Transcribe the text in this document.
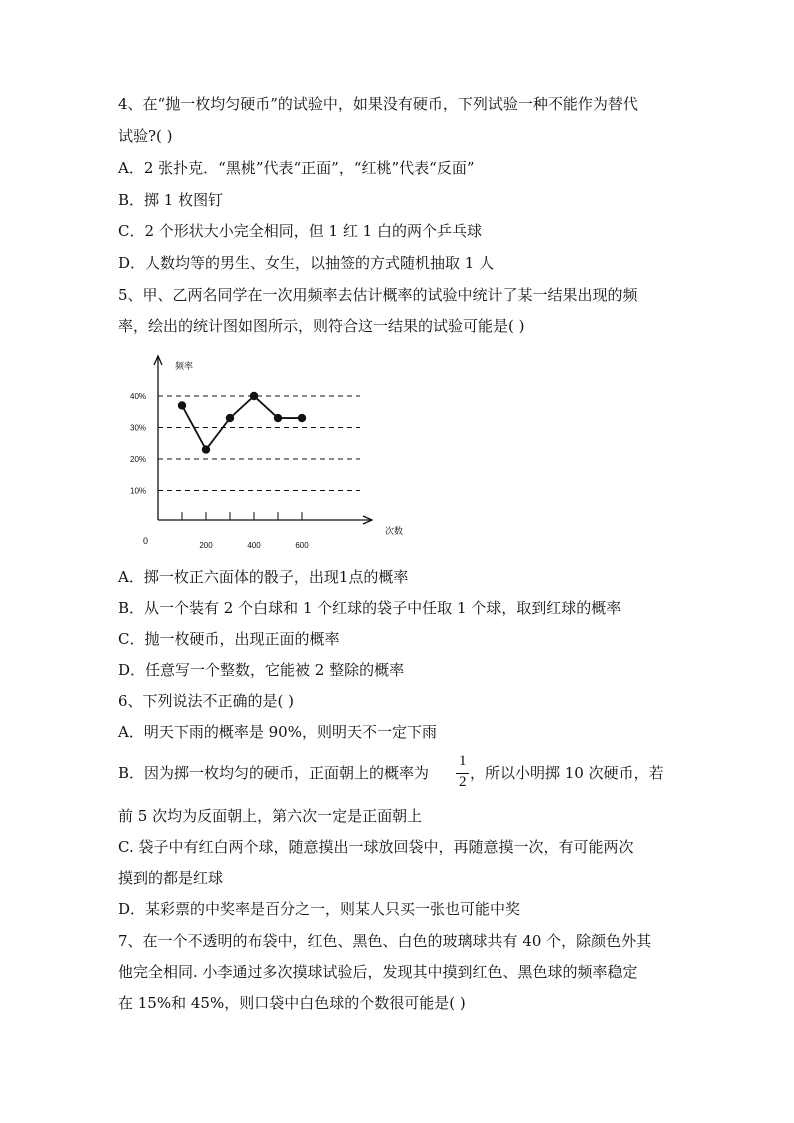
4、在“抛一枚均匀硬币”的试验中，如果没有硬币，下列试验一种不能作为替代
试验?( )
A．2 张扑克．“黑桃”代表“正面”，“红桃”代表“反面”
B．掷 1 枚图钉
C．2 个形状大小完全相同，但 1 红 1 白的两个乒乓球
D．人数均等的男生、女生，以抽签的方式随机抽取 1 人
5、甲、乙两名同学在一次用频率去估计概率的试验中统计了某一结果出现的频
率，绘出的统计图如图所示，则符合这一结果的试验可能是( )
频率
次数
0
10%
20%
30%
40%
200	400	600
A．掷一枚正六面体的骰子，出现1点的概率
B．从一个装有 2 个白球和 1 个红球的袋子中任取 1 个球，取到红球的概率
C．抛一枚硬币，出现正面的概率
D．任意写一个整数，它能被 2 整除的概率
6、下列说法不正确的是( )
A．明天下雨的概率是 90%，则明天不一定下雨
B．因为掷一枚均匀的硬币，正面朝上的概率为
1
2 ，所以小明掷 10 次硬币，若
前 5 次均为反面朝上，第六次一定是正面朝上
C. 袋子中有红白两个球，随意摸出一球放回袋中，再随意摸一次，有可能两次
摸到的都是红球
D．某彩票的中奖率是百分之一，则某人只买一张也可能中奖
7、在一个不透明的布袋中，红色、黑色、白色的玻璃球共有 40 个，除颜色外其
他完全相同. 小李通过多次摸球试验后，发现其中摸到红色、黑色球的频率稳定
在 15%和 45%，则口袋中白色球的个数很可能是( )
